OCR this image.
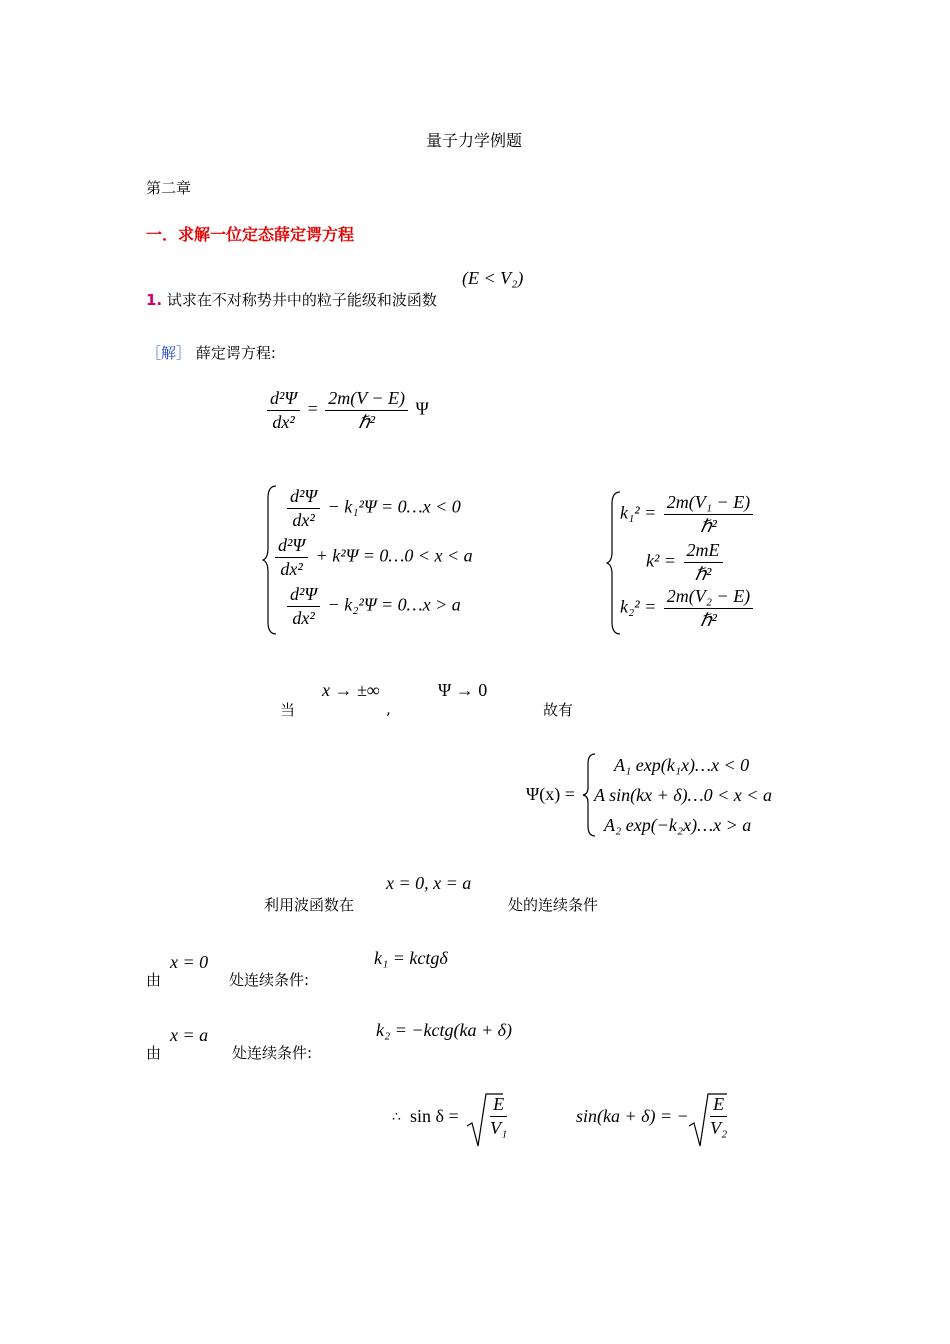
量子力学例题
第二章
一．求解一位定态薛定谔方程
1. 试求在不对称势井中的粒子能级和波函数
(E < V₂)
［解］ 薛定谔方程:
$\frac{\text{d²Ψ}}{\text{dx²}} = \frac{2m(V - E)}{\text{ℏ²}}$ Ψ
$\frac{\text{d²Ψ}}{\text{dx²}} - k_1^2\Psi$ = 0…x < 0
$\frac{\text{d²Ψ}}{\text{dx²}} + k^2\Psi$ = 0…0 < x < a
$\frac{\text{d²Ψ}}{\text{dx²}} - k_2^2\Psi$ = 0…x > a
$k_1^2 = \frac{\text{2m(V₁ − E)}}{\text{ℏ²}}$
$k^2 = \frac{2mE}{\text{ℏ²}}$
$k_2^2 = \frac{\text{2m(V₂ − E)}}{\text{ℏ²}}$
当
x → ±∞
,
Ψ → 0
故有
Ψ(x) =
A₁ exp(k₁x)…x < 0
A sin(kx + δ)…0 < x < a
A₂ exp(−k₂x)…x > a
利用波函数在
x = 0, x = a
处的连续条件
由
x = 0
处连续条件:
k₁ = kctgδ
由
x = a
处连续条件:
k₂ = −kctg(ka + δ)
∴ $\sin \delta = \frac{E}{\text{V₁}}$	sin(ka + δ) = − $\frac{E}{\text{V₂}}$
